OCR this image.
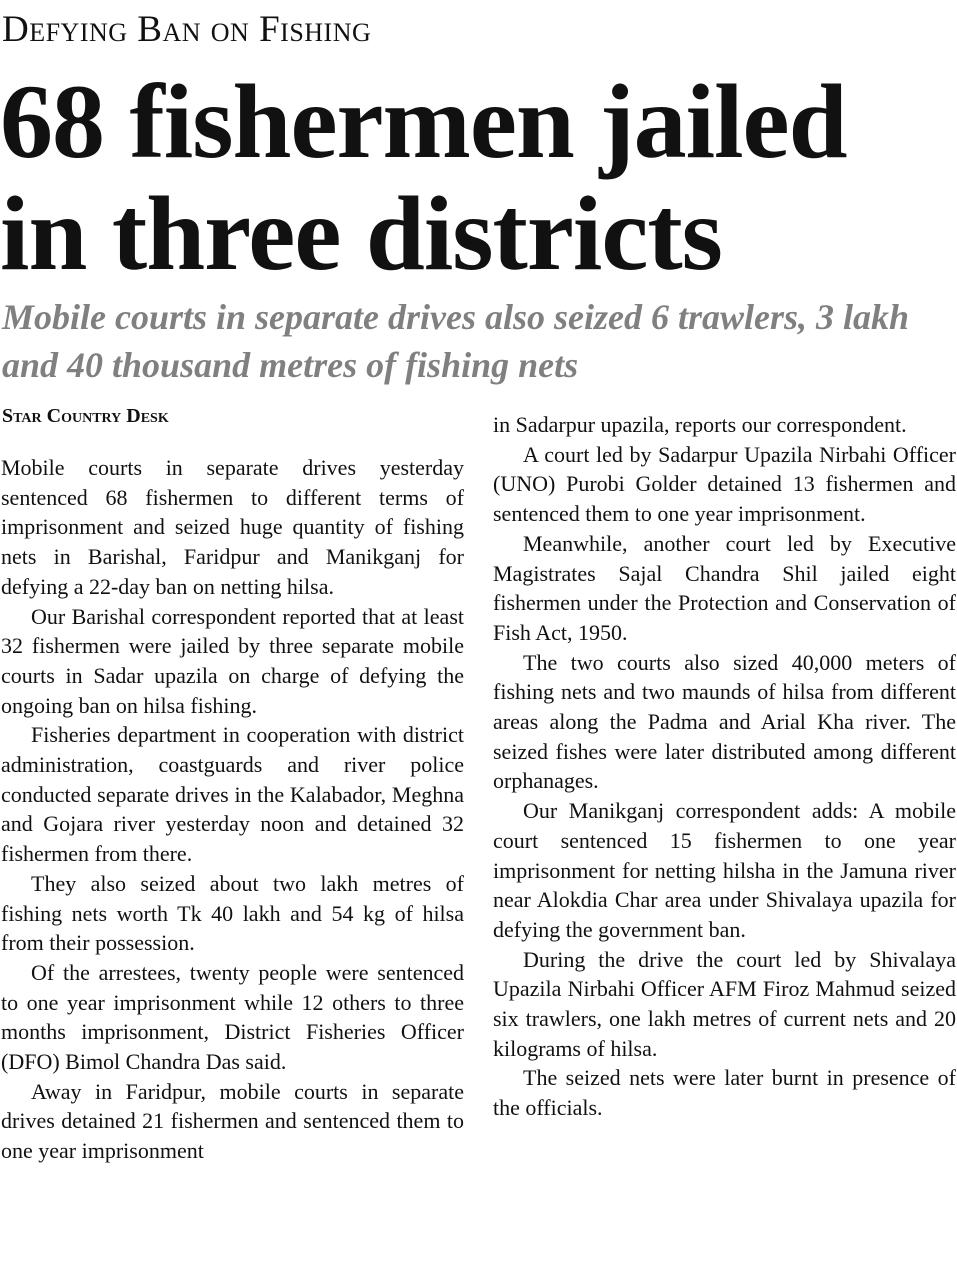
Defying Ban on Fishing
68 fishermen jailed in three districts

Mobile courts in separate drives also seized 6 trawlers, 3 lakh and 40 thousand metres of fishing nets

Star Country Desk

Mobile courts in separate drives yesterday sentenced 68 fishermen to different terms of imprisonment and seized huge quantity of fishing nets in Barishal, Faridpur and Manikganj for defying a 22-day ban on netting hilsa.

Our Barishal correspondent reported that at least 32 fishermen were jailed by three separate mobile courts in Sadar upazila on charge of defying the ongoing ban on hilsa fishing.

Fisheries department in cooperation with district administration, coastguards and river police conducted separate drives in the Kalabador, Meghna and Gojara river yesterday noon and detained 32 fishermen from there.

They also seized about two lakh metres of fishing nets worth Tk 40 lakh and 54 kg of hilsa from their possession.

Of the arrestees, twenty people were sentenced to one year imprisonment while 12 others to three months imprisonment, District Fisheries Officer (DFO) Bimol Chandra Das said.

Away in Faridpur, mobile courts in separate drives detained 21 fishermen and sentenced them to one year imprisonment

in Sadarpur upazila, reports our correspondent.

A court led by Sadarpur Upazila Nirbahi Officer (UNO) Purobi Golder detained 13 fishermen and sentenced them to one year imprisonment.

Meanwhile, another court led by Executive Magistrates Sajal Chandra Shil jailed eight fishermen under the Protection and Conservation of Fish Act, 1950.

The two courts also sized 40,000 meters of fishing nets and two maunds of hilsa from different areas along the Padma and Arial Kha river. The seized fishes were later distributed among different orphanages.

Our Manikganj correspondent adds: A mobile court sentenced 15 fishermen to one year imprisonment for netting hilsha in the Jamuna river near Alokdia Char area under Shivalaya upazila for defying the government ban.

During the drive the court led by Shivalaya Upazila Nirbahi Officer AFM Firoz Mahmud seized six trawlers, one lakh metres of current nets and 20 kilograms of hilsa.

The seized nets were later burnt in presence of the officials.
